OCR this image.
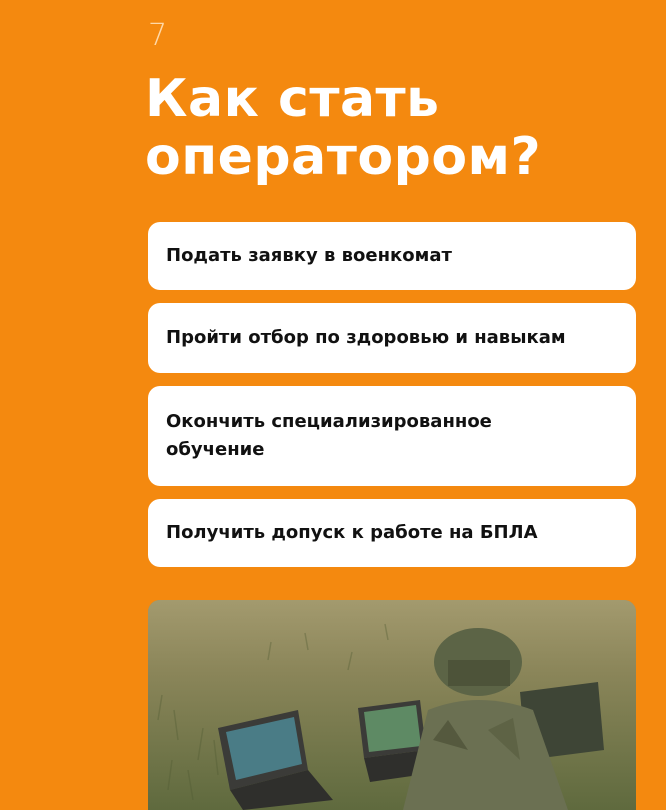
7
Как стать
оператором?
Подать заявку в военкомат
Пройти отбор по здоровью и навыкам
Окончить специализированное
обучение
Получить допуск к работе на БПЛА
